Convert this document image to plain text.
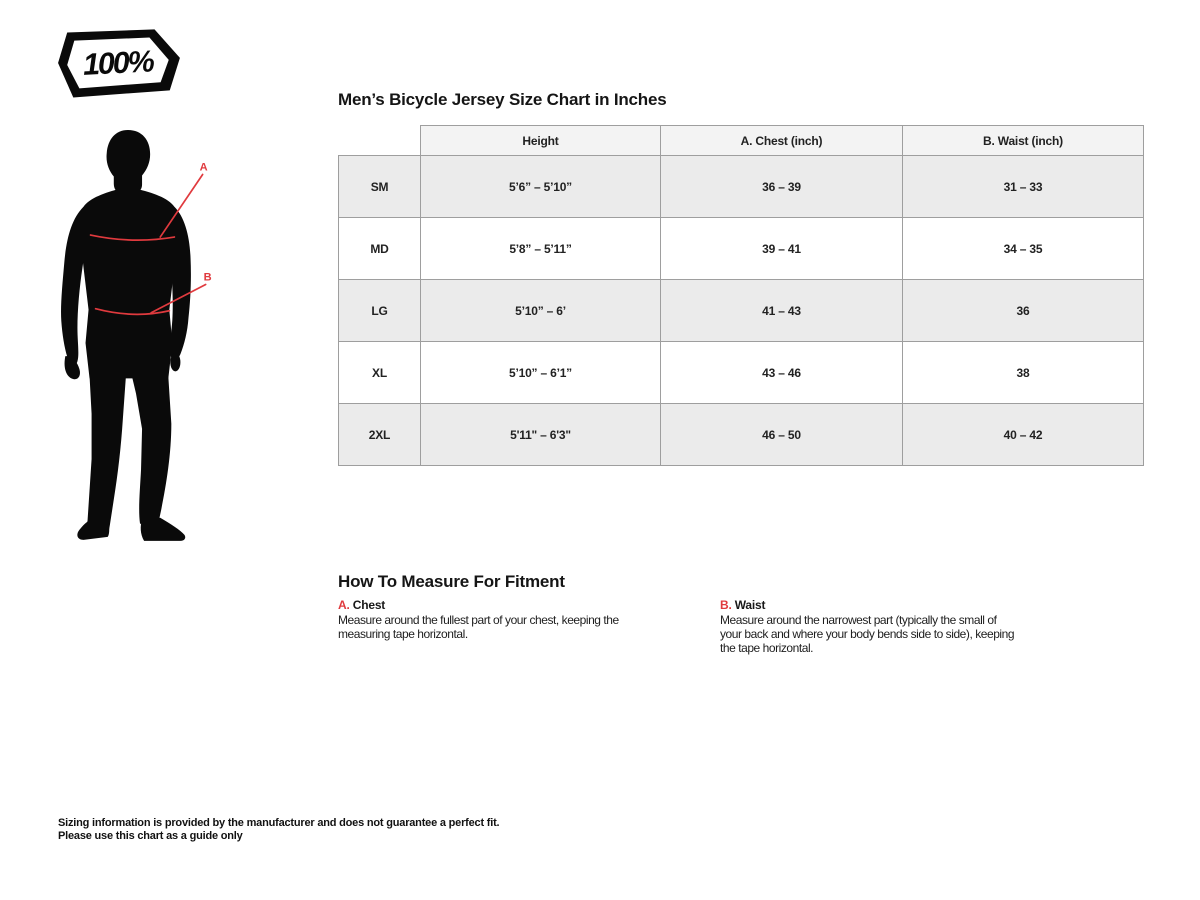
100%
A
B
Men’s Bicycle Jersey Size Chart in Inches
	Height	A. Chest (inch)	B. Waist (inch)
SM	5’6” – 5’10”	36 – 39	31 – 33
MD	5’8” – 5’11”	39 – 41	34 – 35
LG	5’10” – 6’	41 – 43	36
XL	5’10” – 6’1”	43 – 46	38
2XL	5'11" – 6'3"	46 – 50	40 – 42
How To Measure For Fitment
A. Chest
Measure around the fullest part of your chest, keeping the measuring tape horizontal.
B. Waist
Measure around the narrowest part (typically the small of your back and where your body bends side to side), keeping the tape horizontal.
Sizing information is provided by the manufacturer and does not guarantee a perfect fit.
Please use this chart as a guide only
